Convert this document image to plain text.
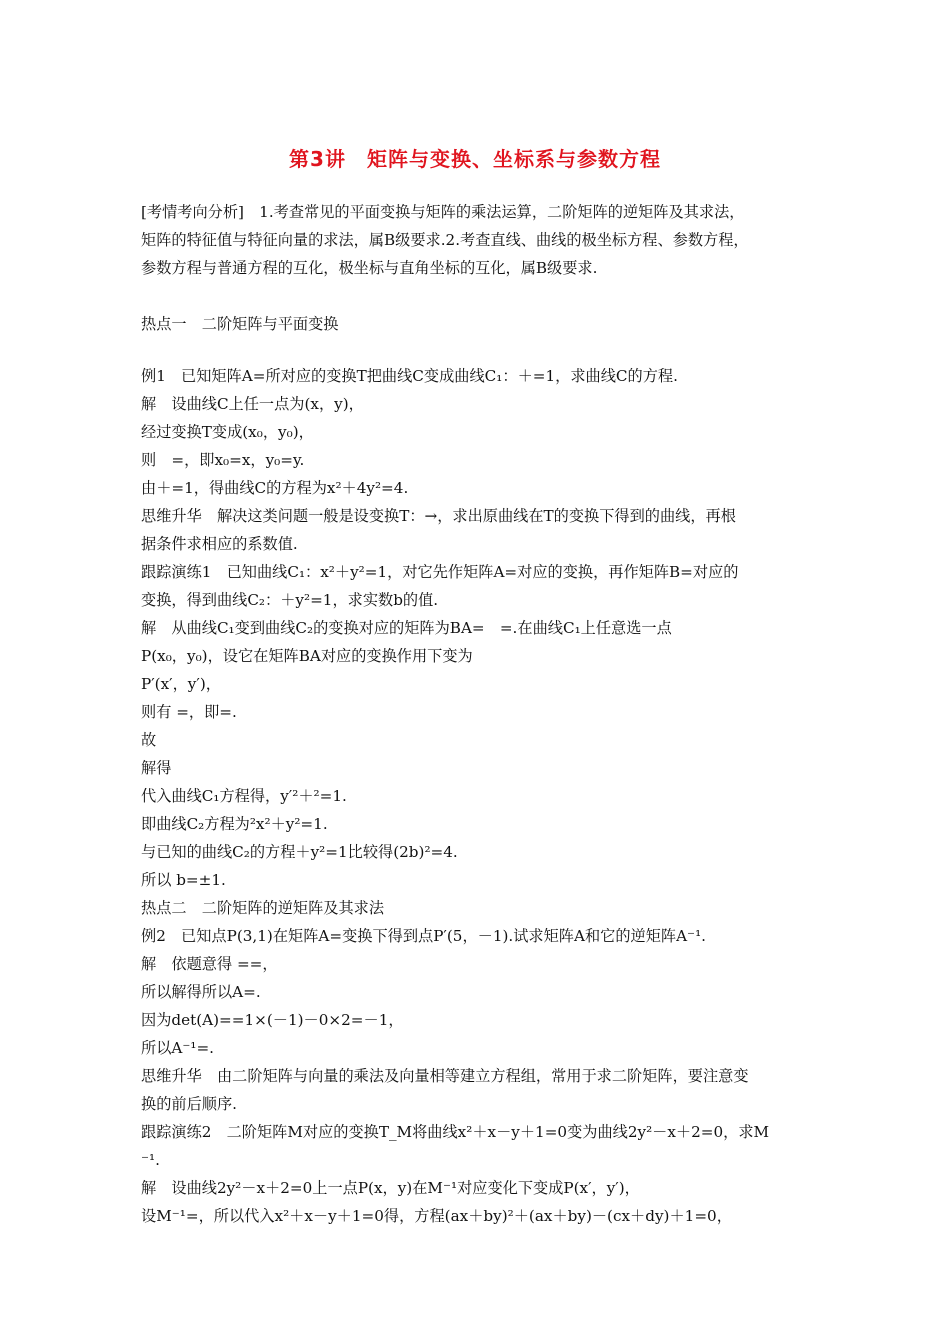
第3讲　矩阵与变换、坐标系与参数方程
[考情考向分析]　1.考查常见的平面变换与矩阵的乘法运算，二阶矩阵的逆矩阵及其求法，
矩阵的特征值与特征向量的求法，属B级要求.2.考查直线、曲线的极坐标方程、参数方程，
参数方程与普通方程的互化，极坐标与直角坐标的互化，属B级要求.
热点一　二阶矩阵与平面变换
例1　已知矩阵A=所对应的变换T把曲线C变成曲线C₁：＋=1，求曲线C的方程.
解　设曲线C上任一点为(x，y)，
经过变换T变成(x₀，y₀)，
则　=，即x₀=x，y₀=y.
由＋=1，得曲线C的方程为x²＋4y²=4.
思维升华　解决这类问题一般是设变换T：→，求出原曲线在T的变换下得到的曲线，再根
据条件求相应的系数值.
跟踪演练1　已知曲线C₁：x²＋y²=1，对它先作矩阵A=对应的变换，再作矩阵B=对应的
变换，得到曲线C₂：＋y²=1，求实数b的值.
解　从曲线C₁变到曲线C₂的变换对应的矩阵为BA=　=.在曲线C₁上任意选一点
P(x₀，y₀)，设它在矩阵BA对应的变换作用下变为
P′(x′，y′)，
则有 =，即=.
故
解得
代入曲线C₁方程得，y′²＋²=1.
即曲线C₂方程为²x²＋y²=1.
与已知的曲线C₂的方程＋y²=1比较得(2b)²=4.
所以 b=±1.
热点二　二阶矩阵的逆矩阵及其求法
例2　已知点P(3,1)在矩阵A=变换下得到点P′(5，－1).试求矩阵A和它的逆矩阵A⁻¹.
解　依题意得 ==，
所以解得所以A=.
因为det(A)==1×(－1)－0×2=－1，
所以A⁻¹=.
思维升华　由二阶矩阵与向量的乘法及向量相等建立方程组，常用于求二阶矩阵，要注意变
换的前后顺序.
跟踪演练2　二阶矩阵M对应的变换T_M将曲线x²＋x－y＋1=0变为曲线2y²－x＋2=0，求M
⁻¹.
解　设曲线2y²－x＋2=0上一点P(x，y)在M⁻¹对应变化下变成P(x′，y′)，
设M⁻¹=，所以代入x²＋x－y＋1=0得，方程(ax＋by)²＋(ax＋by)－(cx＋dy)＋1=0，
